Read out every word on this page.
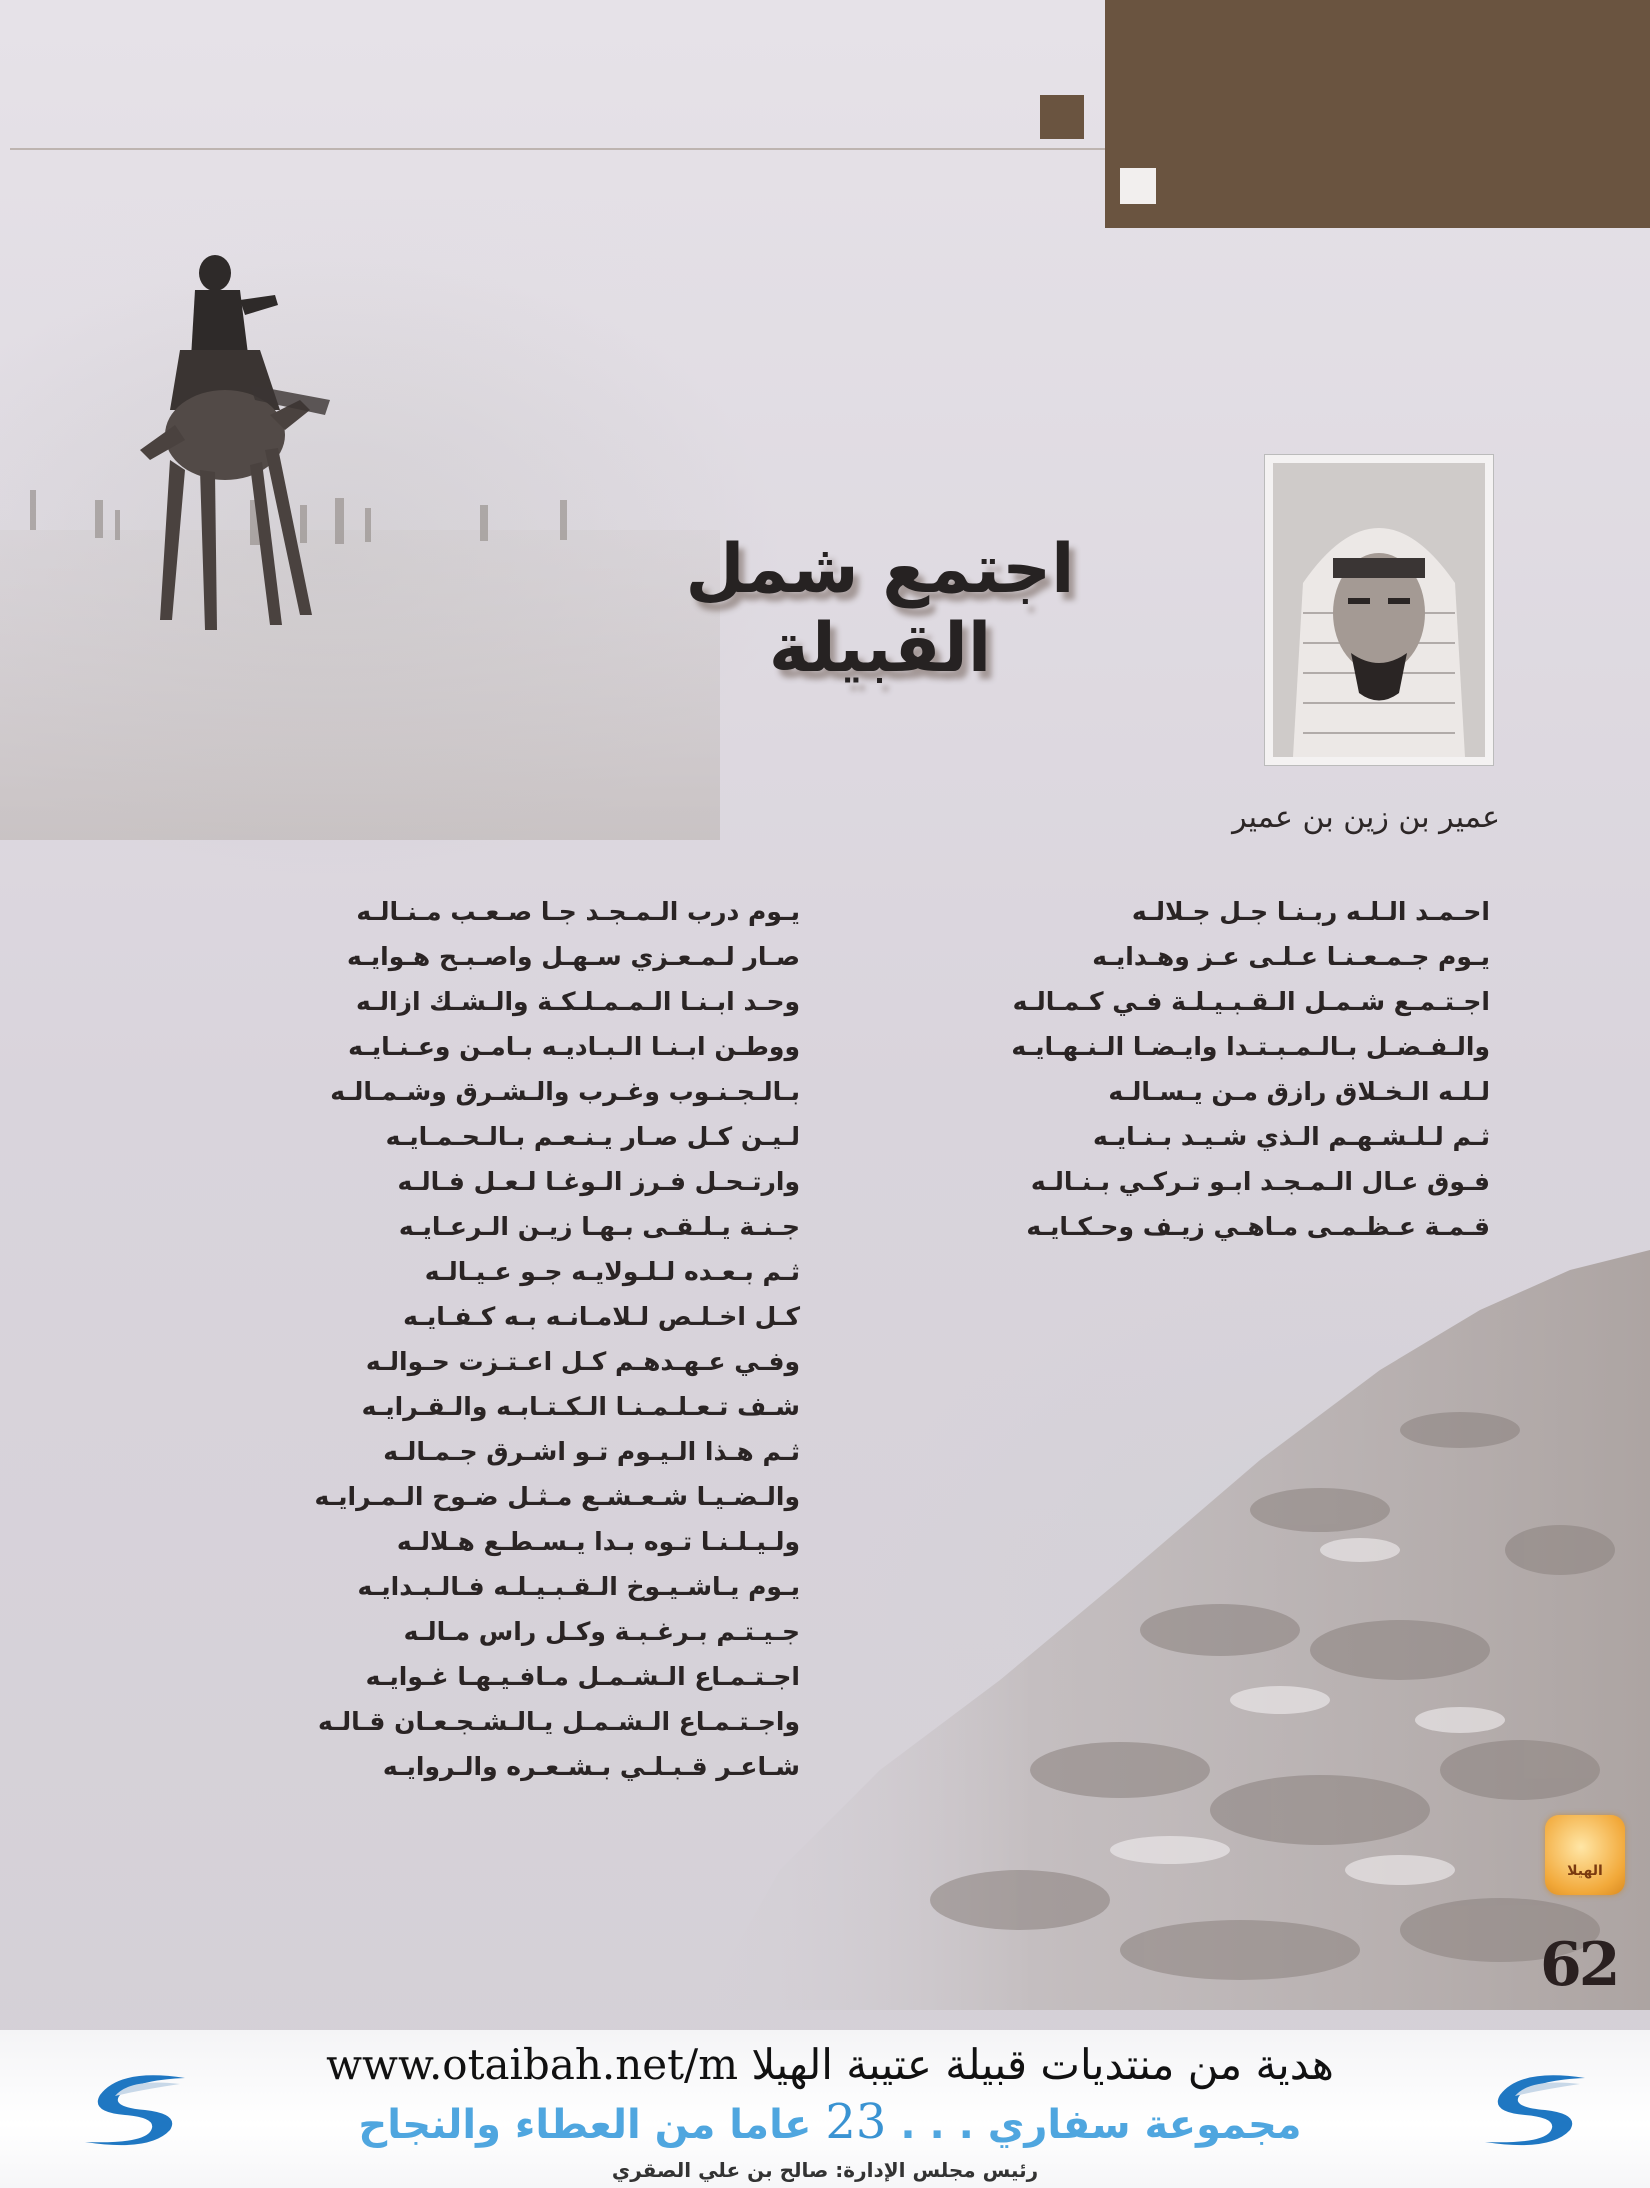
اجتمع شمل القبيلة
عمير بن زين بن عمير
احـمـد الـلـه ربـنـا جـل جـلالـه
يـوم جـمـعـنـا عـلـى عـز وهـدايـه
اجـتـمـع شـمـل الـقـبـيـلـة فـي كـمـالـه
والـفـضـل بـالـمـبـتـدا وايـضـا الـنـهـايـه
لـلـه الـخـلاق رازق مـن يـسـالـه
ثـم لـلـشـهـم الـذي شـيـد بـنـايـه
فـوق عـال الـمـجـد ابـو تـركـي بـنـالـه
قـمـة عـظـمـى مـاهـي زيـف وحـكـايـه
يـوم درب الـمـجـد جـا صـعـب مـنـالـه
صـار لـمـعـزي سـهـل واصـبـح هـوايـه
وحـد ابـنـا الـمـمـلـكـة والـشـك ازالـه
ووطـن ابـنـا الـبـاديـه بـامـن وعـنـايـه
بـالـجـنـوب وغـرب والـشـرق وشـمـالـه
لـيـن كـل صـار يـنـعـم بـالـحـمـايـه
وارتـحـل فـرز الـوغـا لـعـل فـالـه
جـنـة يـلـقـى بـهـا زيـن الـرعـايـه
ثـم بـعـده لـلـولايـه جـو عـيـالـه
كـل اخـلـص لـلامـانـه بـه كـفـايـه
وفـي عـهـدهـم كـل اعـتـزت حـوالـه
شـف تـعـلـمـنـا الـكـتـابـه والـقـرايـه
ثـم هـذا الـيـوم تـو اشـرق جـمـالـه
والـضـيـا شـعـشـع مـثـل ضـوح الـمـرايـه
ولـيـلـنـا تـوه بـدا يـسـطـع هـلالـه
يـوم يـاشـيـوخ الـقـبـيـلـه فـالـبـدايـه
جـيـتـم بـرغـبـة وكـل راس مـالـه
اجـتـمـاع الـشـمـل مـافـيـهـا غـوايـه
واجـتـمـاع الـشـمـل يـالـشـجـعـان قـالـه
شـاعـر قـبـلـي بـشـعـره والـروايـه
الهيلا
62
www.otaibah.net/m هدية من منتديات قبيلة عتيبة الهيلا
مجموعة سفاري . . . 23 عاما من العطاء والنجاح
رئيس مجلس الإدارة: صالح بن علي الصقري
